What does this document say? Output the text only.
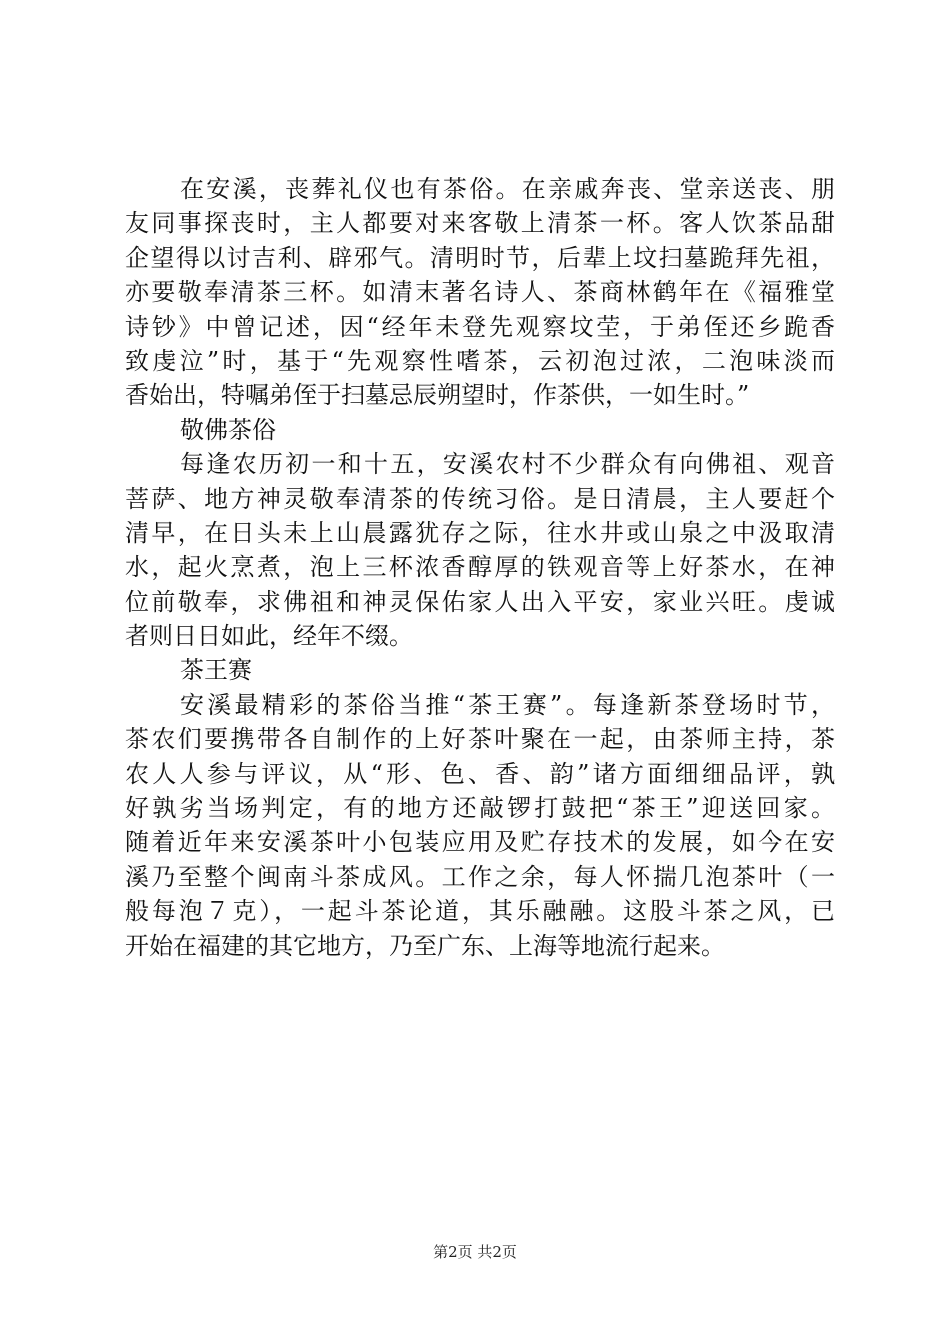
在安溪，丧葬礼仪也有茶俗。在亲戚奔丧、堂亲送丧、朋
友同事探丧时，主人都要对来客敬上清茶一杯。客人饮茶品甜
企望得以讨吉利、辟邪气。清明时节，后辈上坟扫墓跪拜先祖，
亦要敬奉清茶三杯。如清末著名诗人、茶商林鹤年在《福雅堂
诗钞》中曾记述，因“经年未登先观察坟茔，于弟侄还乡跪香
致虔泣”时，基于“先观察性嗜茶，云初泡过浓，二泡味淡而
香始出，特嘱弟侄于扫墓忌辰朔望时，作茶供，一如生时。”
敬佛茶俗
每逢农历初一和十五，安溪农村不少群众有向佛祖、观音
菩萨、地方神灵敬奉清茶的传统习俗。是日清晨，主人要赶个
清早，在日头未上山晨露犹存之际，往水井或山泉之中汲取清
水，起火烹煮，泡上三杯浓香醇厚的铁观音等上好茶水，在神
位前敬奉，求佛祖和神灵保佑家人出入平安，家业兴旺。虔诚
者则日日如此，经年不缀。
茶王赛
安溪最精彩的茶俗当推“茶王赛”。每逢新茶登场时节，
茶农们要携带各自制作的上好茶叶聚在一起，由茶师主持，茶
农人人参与评议，从“形、色、香、韵”诸方面细细品评，孰
好孰劣当场判定，有的地方还敲锣打鼓把“茶王”迎送回家。
随着近年来安溪茶叶小包装应用及贮存技术的发展，如今在安
溪乃至整个闽南斗茶成风。工作之余，每人怀揣几泡茶叶（一
般每泡７克），一起斗茶论道，其乐融融。这股斗茶之风，已
开始在福建的其它地方，乃至广东、上海等地流行起来。
第2页 共2页
